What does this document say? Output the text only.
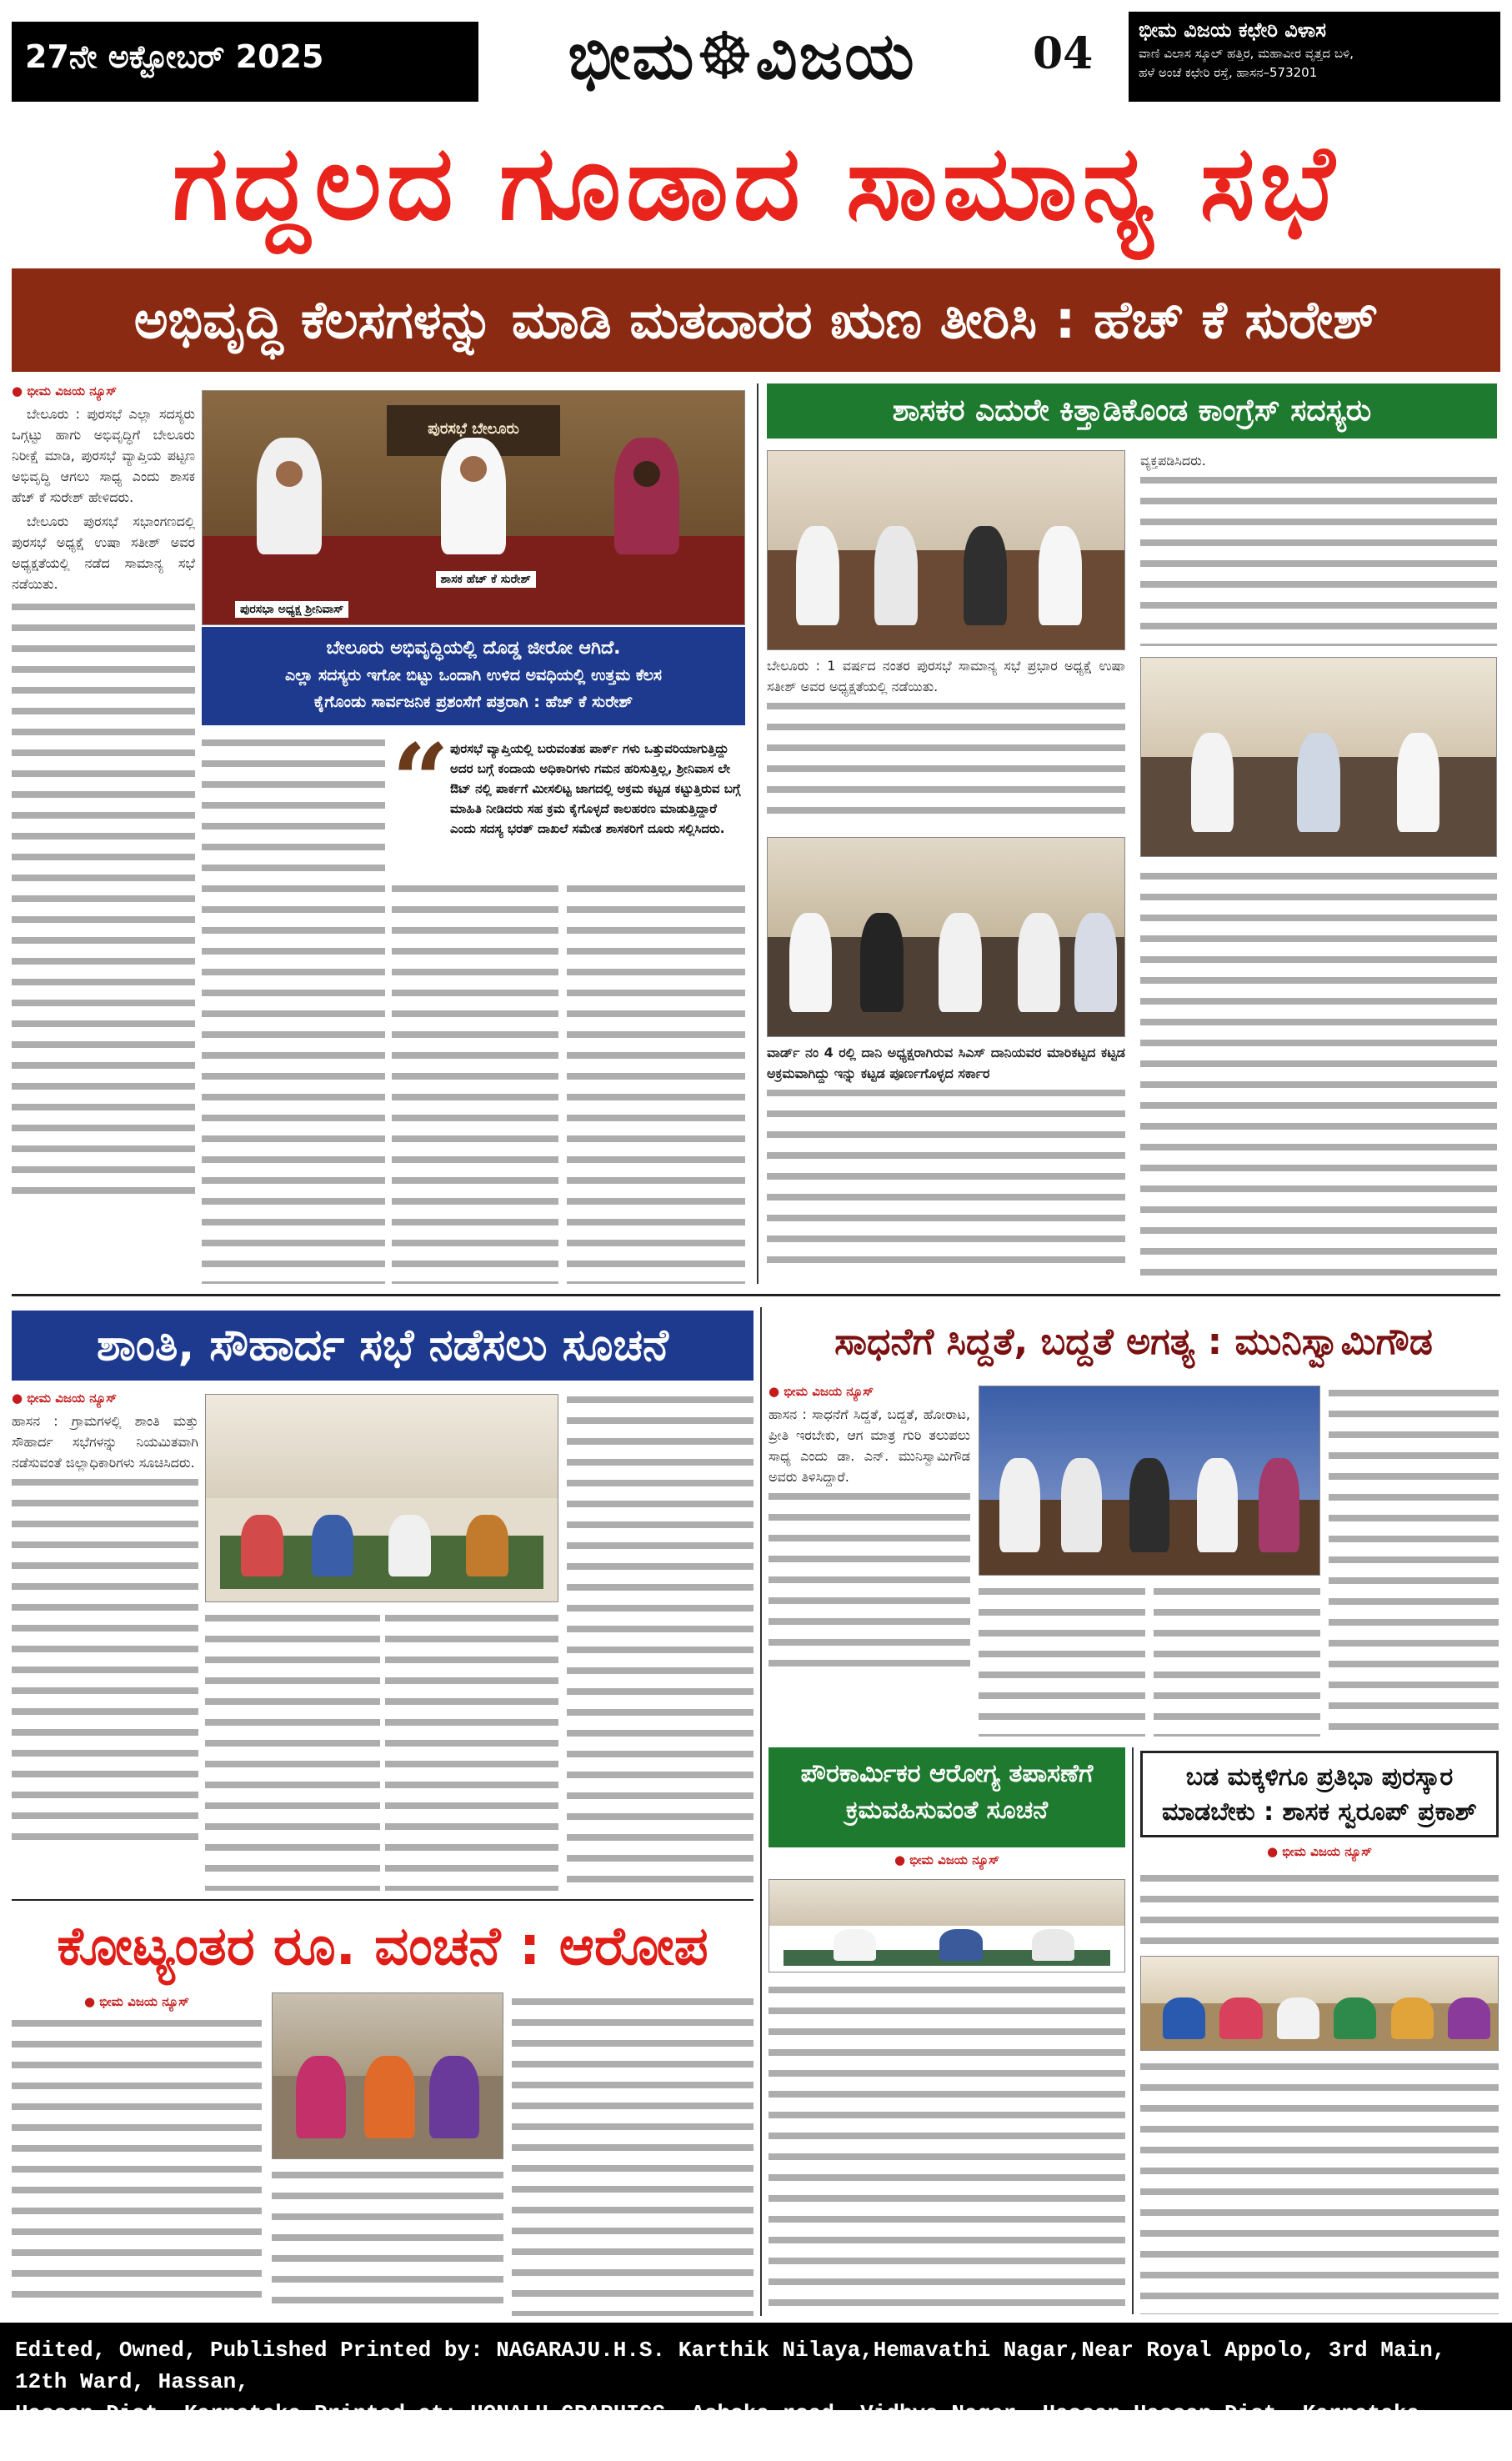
27ನೇ ಅಕ್ಟೋಬರ್ 2025	ಭೀಮ☸ವಿಜಯ	04	ಭೀಮ ವಿಜಯ ಕಛೇರಿ ವಿಳಾಸ
ವಾಣಿ ವಿಲಾಸ ಸ್ಕೂಲ್ ಹತ್ತಿರ, ಮಹಾವೀರ ವೃತ್ತದ ಬಳಿ,
ಹಳೆ ಅಂಚೆ ಕಛೇರಿ ರಸ್ತೆ, ಹಾಸನ–573201
ಗದ್ದಲದ ಗೂಡಾದ ಸಾಮಾನ್ಯ ಸಭೆ
ಅಭಿವೃದ್ಧಿ ಕೆಲಸಗಳನ್ನು ಮಾಡಿ ಮತದಾರರ ಋಣ ತೀರಿಸಿ : ಹೆಚ್ ಕೆ ಸುರೇಶ್
● ಭೀಮ ವಿಜಯ ನ್ಯೂಸ್

ಬೇಲೂರು : ಪುರಸಭೆ ಎಲ್ಲಾ ಸದಸ್ಯರು ಒಗ್ಗಟ್ಟು ಹಾಗು ಅಭಿವೃದ್ಧಿಗೆ ಬೇಲೂರು ನಿರೀಕ್ಷೆ ಮಾಡಿ, ಪುರಸಭೆ ವ್ಯಾಪ್ತಿಯ ಪಟ್ಟಣ ಅಭಿವೃದ್ಧಿ ಆಗಲು ಸಾಧ್ಯ ಎಂದು ಶಾಸಕ ಹೆಚ್ ಕೆ ಸುರೇಶ್ ಹೇಳಿದರು.

ಬೇಲೂರು ಪುರಸಭೆ ಸಭಾಂಗಣದಲ್ಲಿ ಪುರಸಭೆ ಅಧ್ಯಕ್ಷೆ ಉಷಾ ಸತೀಶ್ ಅವರ ಅಧ್ಯಕ್ಷತೆಯಲ್ಲಿ ನಡೆದ ಸಾಮಾನ್ಯ ಸಭೆ ನಡೆಯಿತು.

ಪುರಸಭೆ ಬೇಲೂರು
ಪುರಸಭಾ ಅಧ್ಯಕ್ಷ ಶ್ರೀನಿವಾಸ್
ಶಾಸಕ ಹೆಚ್ ಕೆ ಸುರೇಶ್
ಬೇಲೂರು ಅಭಿವೃದ್ಧಿಯಲ್ಲಿ ದೊಡ್ಡ ಜೀರೋ ಆಗಿದೆ.
ಎಲ್ಲಾ ಸದಸ್ಯರು ಇಗೋ ಬಿಟ್ಟು ಒಂದಾಗಿ ಉಳಿದ ಅವಧಿಯಲ್ಲಿ ಉತ್ತಮ ಕೆಲಸ
ಕೈಗೊಂಡು ಸಾರ್ವಜನಿಕ ಪ್ರಶಂಸೆಗೆ ಪತ್ರರಾಗಿ : ಹೆಚ್ ಕೆ ಸುರೇಶ್
“ ಪುರಸಭೆ ವ್ಯಾಪ್ತಿಯಲ್ಲಿ ಬರುವಂತಹ ಪಾರ್ಕ್ ಗಳು ಒತ್ತುವರಿಯಾಗುತ್ತಿದ್ದು ಅದರ ಬಗ್ಗೆ ಕಂದಾಯ ಅಧಿಕಾರಿಗಳು ಗಮನ ಹರಿಸುತ್ತಿಲ್ಲ, ಶ್ರೀನಿವಾಸ ಲೇ ಔಟ್ ನಲ್ಲಿ ಪಾರ್ಕಗೆ ಮೀಸಲಿಟ್ಟ ಜಾಗದಲ್ಲಿ ಅಕ್ರಮ ಕಟ್ಟಡ ಕಟ್ಟುತ್ತಿರುವ ಬಗ್ಗೆ ಮಾಹಿತಿ ನೀಡಿದರು ಸಹ ಕ್ರಮ ಕೈಗೊಳ್ಳದೆ ಕಾಲಹರಣ ಮಾಡುತ್ತಿದ್ದಾರೆ ಎಂದು ಸದಸ್ಯ ಭರತ್ ದಾಖಲೆ ಸಮೇತ ಶಾಸಕರಿಗೆ ದೂರು ಸಲ್ಲಿಸಿದರು.
ಶಾಸಕರ ಎದುರೇ ಕಿತ್ತಾಡಿಕೊಂಡ ಕಾಂಗ್ರೆಸ್ ಸದಸ್ಯರು
ಬೇಲೂರು : 1 ವರ್ಷದ ನಂತರ ಪುರಸಭೆ ಸಾಮಾನ್ಯ ಸಭೆ ಪ್ರಭಾರ ಅಧ್ಯಕ್ಷೆ ಉಷಾ ಸತೀಶ್ ಅವರ ಅಧ್ಯಕ್ಷತೆಯಲ್ಲಿ ನಡೆಯಿತು.
ವ್ಯಕ್ತಪಡಿಸಿದರು.
ವಾರ್ಡ್ ನಂ 4 ರಲ್ಲಿ ದಾನಿ ಅಧ್ಯಕ್ಷರಾಗಿರುವ ಸಿಎಸ್ ದಾನಿಯವರ ಮಾರಿಕಟ್ಟದ ಕಟ್ಟಡ ಅಕ್ರಮವಾಗಿದ್ದು ಇನ್ನು ಕಟ್ಟಡ ಪೂರ್ಣಗೊಳ್ಳದ ಸರ್ಕಾರ
ಶಾಂತಿ, ಸೌಹಾರ್ದ ಸಭೆ ನಡೆಸಲು ಸೂಚನೆ
● ಭೀಮ ವಿಜಯ ನ್ಯೂಸ್
ಹಾಸನ : ಗ್ರಾಮಗಳಲ್ಲಿ ಶಾಂತಿ ಮತ್ತು ಸೌಹಾರ್ದ ಸಭೆಗಳನ್ನು ನಿಯಮಿತವಾಗಿ ನಡೆಸುವಂತೆ ಜಿಲ್ಲಾಧಿಕಾರಿಗಳು ಸೂಚಿಸಿದರು.
ಸಾಧನೆಗೆ ಸಿದ್ದತೆ, ಬದ್ದತೆ ಅಗತ್ಯ : ಮುನಿಸ್ವಾಮಿಗೌಡ
● ಭೀಮ ವಿಜಯ ನ್ಯೂಸ್
ಹಾಸನ : ಸಾಧನೆಗೆ ಸಿದ್ದತೆ, ಬದ್ದತೆ, ಹೋರಾಟ, ಪ್ರೀತಿ ಇರಬೇಕು, ಆಗ ಮಾತ್ರ ಗುರಿ ತಲುಪಲು ಸಾಧ್ಯ ಎಂದು ಡಾ. ಎನ್. ಮುನಿಸ್ವಾಮಿಗೌಡ ಅವರು ತಿಳಿಸಿದ್ದಾರೆ.
ಪೌರಕಾರ್ಮಿಕರ ಆರೋಗ್ಯ ತಪಾಸಣೆಗೆ
ಕ್ರಮವಹಿಸುವಂತೆ ಸೂಚನೆ
● ಭೀಮ ವಿಜಯ ನ್ಯೂಸ್
ಬಡ ಮಕ್ಕಳಿಗೂ ಪ್ರತಿಭಾ ಪುರಸ್ಕಾರ
ಮಾಡಬೇಕು : ಶಾಸಕ ಸ್ವರೂಪ್ ಪ್ರಕಾಶ್
● ಭೀಮ ವಿಜಯ ನ್ಯೂಸ್
ಕೋಟ್ಯಂತರ ರೂ. ವಂಚನೆ : ಆರೋಪ
● ಭೀಮ ವಿಜಯ ನ್ಯೂಸ್
Edited, Owned, Published Printed by: NAGARAJU.H.S. Karthik Nilaya,Hemavathi Nagar,Near Royal Appolo, 3rd Main, 12th Ward, Hassan,
Hassan Dist. Karnataka Printed at: HONALU GRAPHICS, Ashoka road, Vidhya Nagar, Hassan Hassan Dist. Karnataka State.
